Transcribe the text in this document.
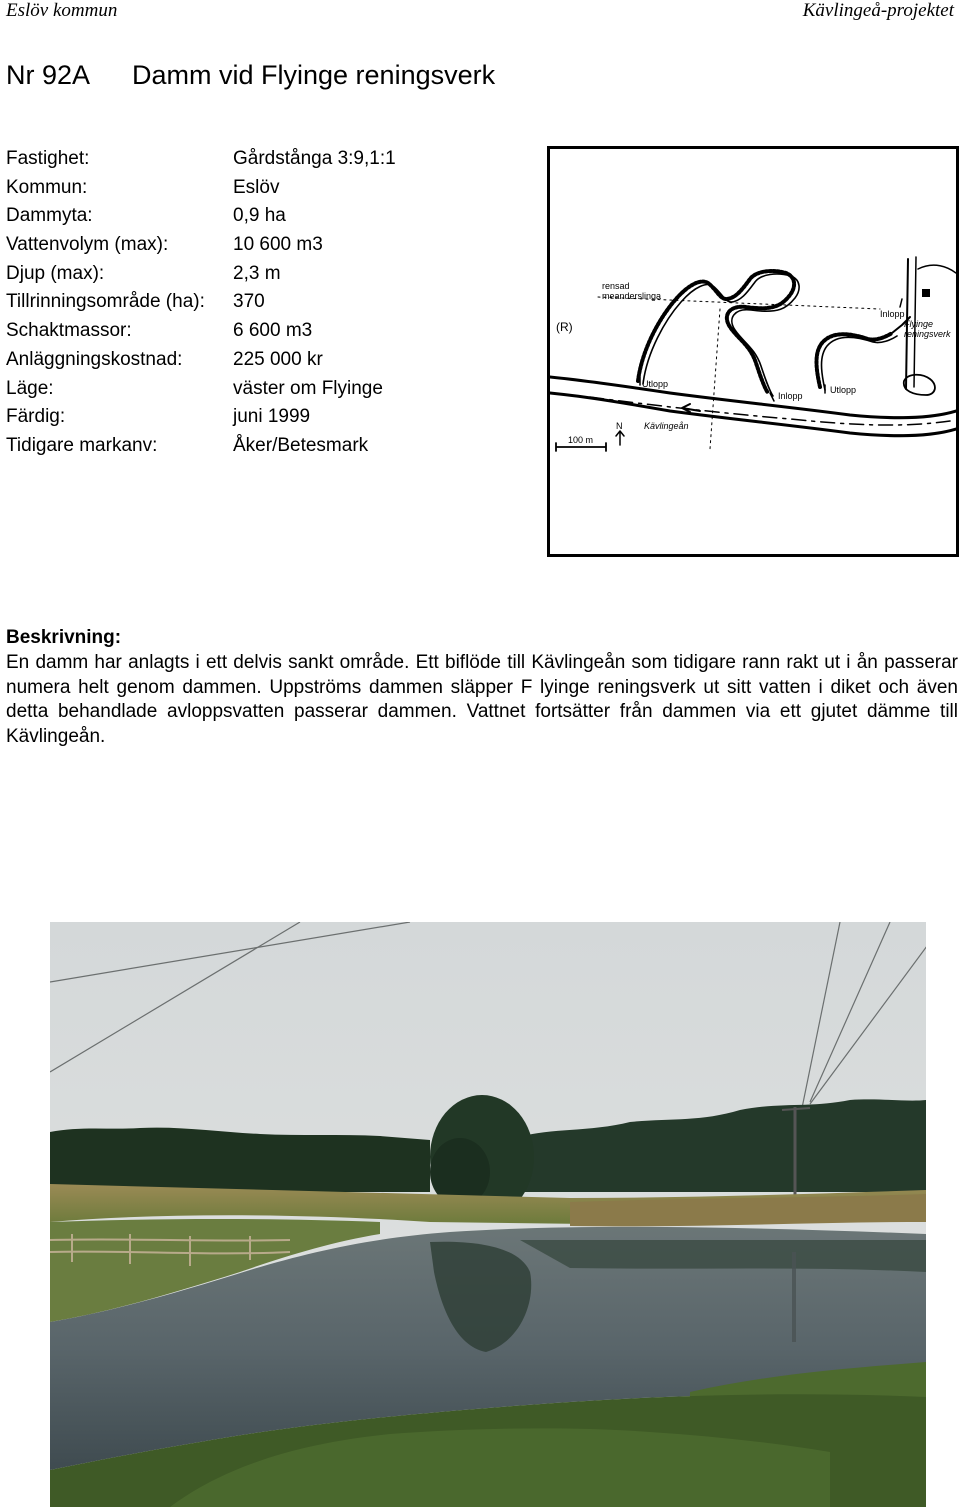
Eslöv kommun	Kävlingeå-projektet
Nr 92A Damm vid Flyinge reningsverk
Fastighet:	Gårdstånga 3:9,1:1
Kommun:	Eslöv
Dammyta:	0,9 ha
Vattenvolym (max):	10 600 m3
Djup (max):	2,3 m
Tillrinningsområde (ha): 370
Schaktmassor:	6 600 m3
Anläggningskostnad:	225 000 kr
Läge:	väster om Flyinge
Färdig:	juni 1999
Tidigare markanv:	Åker/Betesmark
rensad
meanderslinga
(R)
Inlopp
Flyinge
reningsverk
Utlopp
Inlopp
Utlopp
Kävlingeån
N
100 m
Beskrivning:
En damm har anlagts i ett delvis sankt område. Ett biflöde till Kävlingeån som tidigare rann rakt ut i ån passerar numera helt genom dammen. Uppströms dammen släpper F lyinge reningsverk ut sitt vatten i diket och även detta behandlade avloppsvatten passerar dammen. Vattnet fortsätter från dammen via ett gjutet dämme till Kävlingeån.
